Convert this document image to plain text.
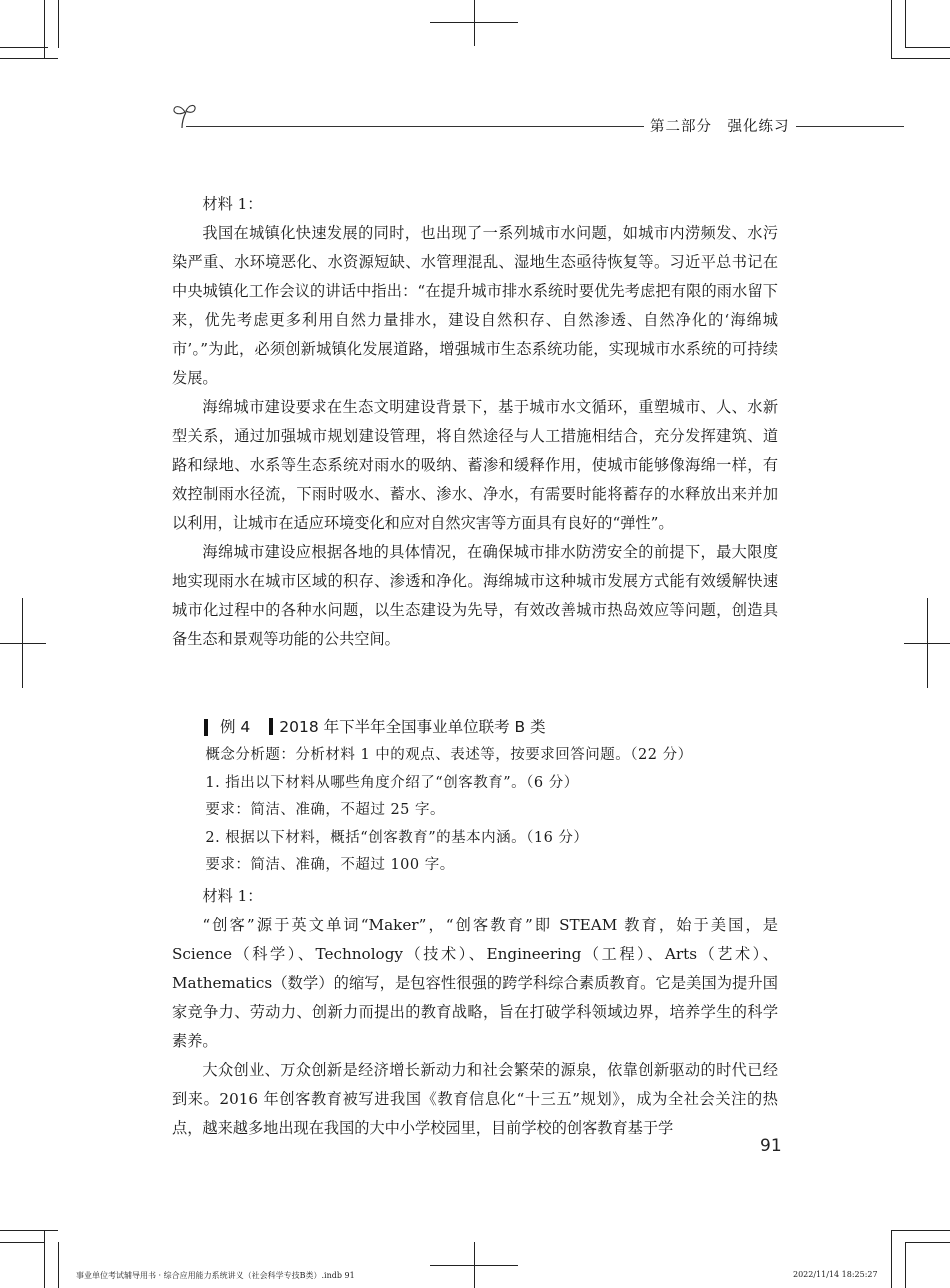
第二部分　强化练习

材料 1：

我国在城镇化快速发展的同时，也出现了一系列城市水问题，如城市内涝频发、水污染严重、水环境恶化、水资源短缺、水管理混乱、湿地生态亟待恢复等。习近平总书记在中央城镇化工作会议的讲话中指出：“在提升城市排水系统时要优先考虑把有限的雨水留下来，优先考虑更多利用自然力量排水，建设自然积存、自然渗透、自然净化的‘海绵城市’。”为此，必须创新城镇化发展道路，增强城市生态系统功能，实现城市水系统的可持续发展。

海绵城市建设要求在生态文明建设背景下，基于城市水文循环，重塑城市、人、水新型关系，通过加强城市规划建设管理，将自然途径与人工措施相结合，充分发挥建筑、道路和绿地、水系等生态系统对雨水的吸纳、蓄渗和缓释作用，使城市能够像海绵一样，有效控制雨水径流，下雨时吸水、蓄水、渗水、净水，有需要时能将蓄存的水释放出来并加以利用，让城市在适应环境变化和应对自然灾害等方面具有良好的“弹性”。

海绵城市建设应根据各地的具体情况，在确保城市排水防涝安全的前提下，最大限度地实现雨水在城市区域的积存、渗透和净化。海绵城市这种城市发展方式能有效缓解快速城市化过程中的各种水问题，以生态建设为先导，有效改善城市热岛效应等问题，创造具备生态和景观等功能的公共空间。

例 4 2018 年下半年全国事业单位联考 B 类

概念分析题：分析材料 1 中的观点、表述等，按要求回答问题。（22 分）

1. 指出以下材料从哪些角度介绍了“创客教育”。（6 分）

要求：简洁、准确，不超过 25 字。

2. 根据以下材料，概括“创客教育”的基本内涵。（16 分）

要求：简洁、准确，不超过 100 字。

材料 1：

“创客”源于英文单词“Maker”，“创客教育”即 STEAM 教育，始于美国，是 Science（科学）、Technology（技术）、Engineering（工程）、Arts（艺术）、Mathematics（数学）的缩写，是包容性很强的跨学科综合素质教育。它是美国为提升国家竞争力、劳动力、创新力而提出的教育战略，旨在打破学科领域边界，培养学生的科学素养。

大众创业、万众创新是经济增长新动力和社会繁荣的源泉，依靠创新驱动的时代已经到来。2016 年创客教育被写进我国《教育信息化“十三五”规划》，成为全社会关注的热点，越来越多地出现在我国的大中小学校园里，目前学校的创客教育基于学

91
事业单位考试辅导用书 · 综合应用能力系统讲义（社会科学专技B类）.indb 91	2022/11/14 18:25:27
